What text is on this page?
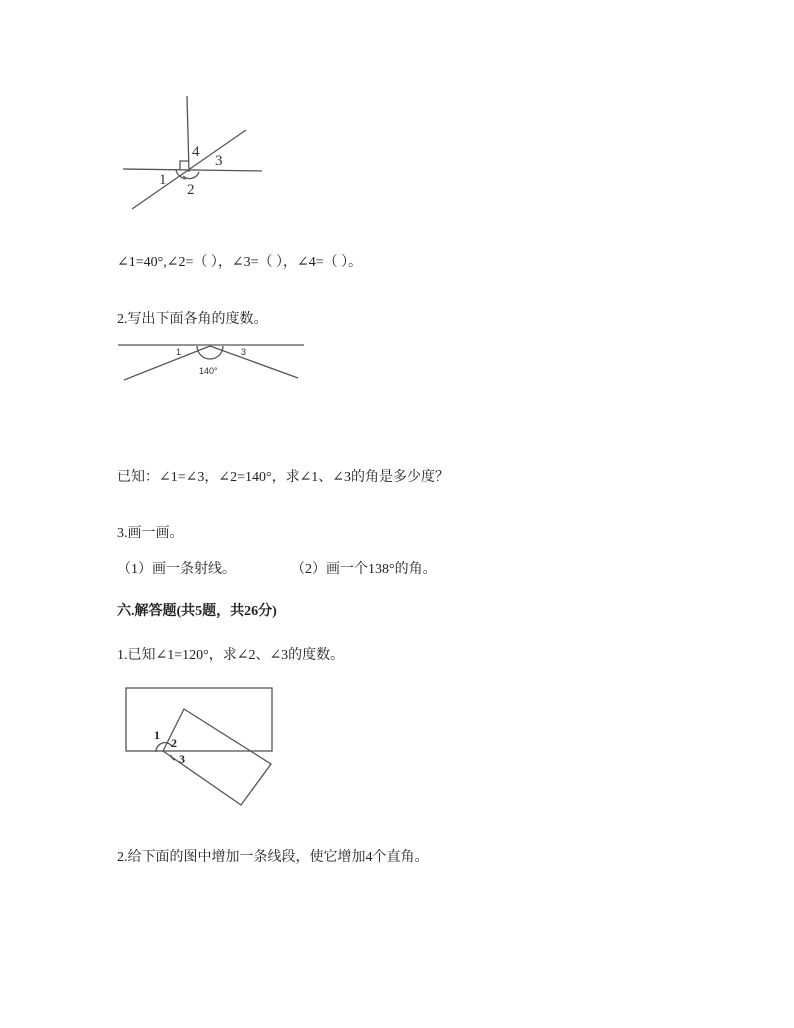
1
2
3
4
∠1=40°,∠2=（ ），∠3=（ ），∠4=（ ）。
2.写出下面各角的度数。
1	3
140°
已知：∠1=∠3，∠2=140°，求∠1、∠3的角是多少度？
3.画一画。
（1）画一条射线。	（2）画一个138°的角。
六.解答题(共5题，共26分)
1.已知∠1=120°，求∠2、∠3的度数。
1
2
3
2.给下面的图中增加一条线段，使它增加4个直角。
